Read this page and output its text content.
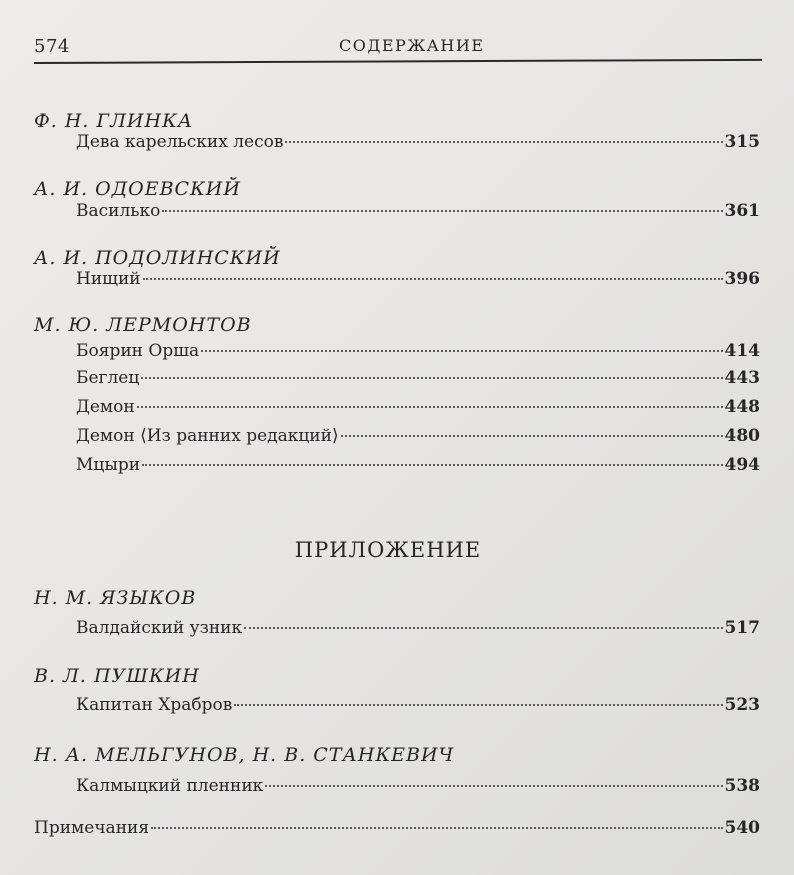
574	СОДЕРЖАНИЕ
Ф. Н. ГЛИНКА
Дева карельских лесов	315
А. И. ОДОЕВСКИЙ
Василько	361
А. И. ПОДОЛИНСКИЙ
Нищий	396
М. Ю. ЛЕРМОНТОВ
Боярин Орша	414
Беглец	443
Демон	448
Демон ⟨Из ранних редакций⟩	480
Мцыри	494
ПРИЛОЖЕНИЕ
Н. М. ЯЗЫКОВ
Валдайский узник	517
В. Л. ПУШКИН
Капитан Храбров	523
Н. А. МЕЛЬГУНОВ, Н. В. СТАНКЕВИЧ
Калмыцкий пленник	538
Примечания	540
